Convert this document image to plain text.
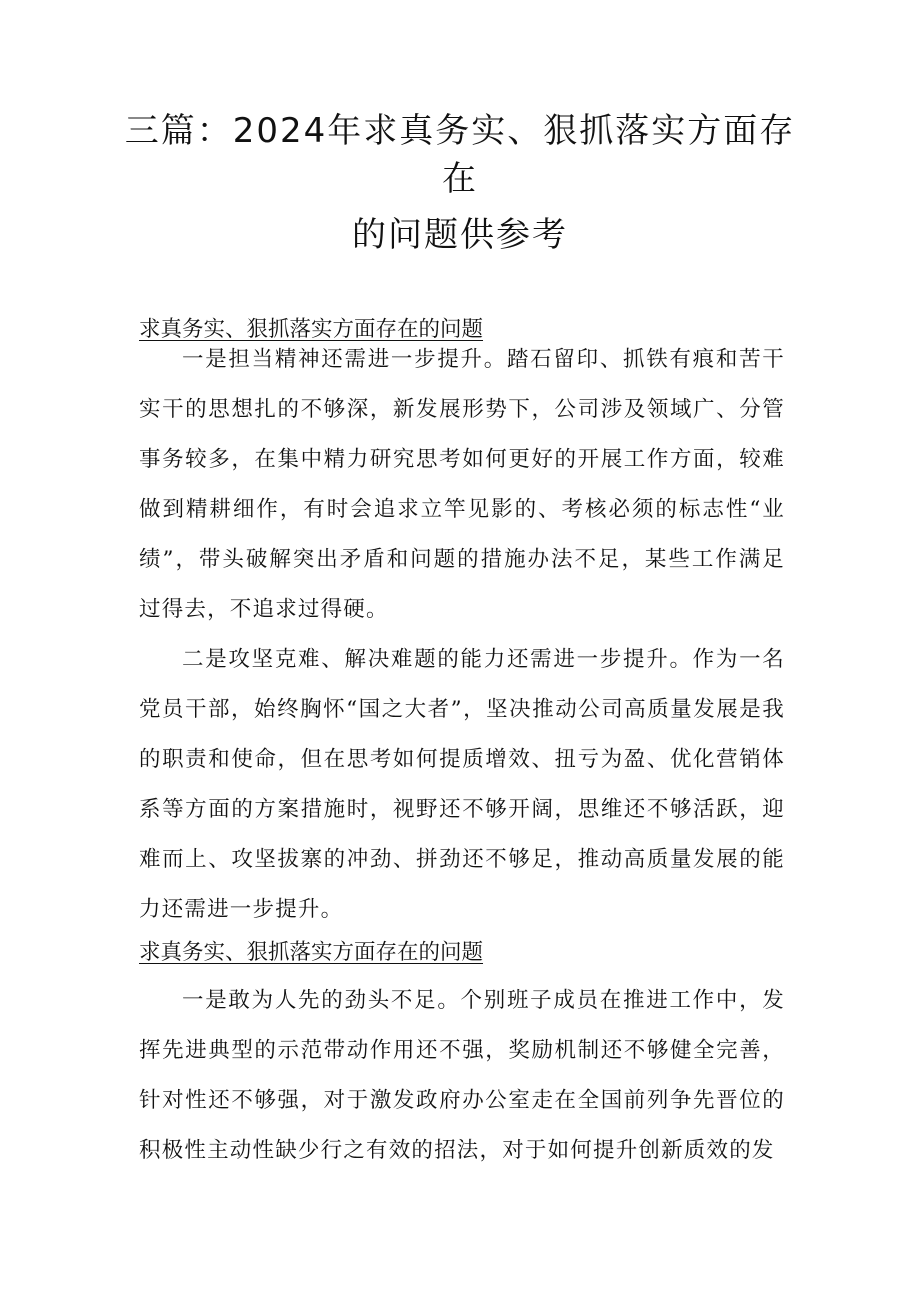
三篇：2024年求真务实、狠抓落实方面存
在
的问题供参考
求真务实、狠抓落实方面存在的问题

一是担当精神还需进一步提升。踏石留印、抓铁有痕和苦干实干的思想扎的不够深，新发展形势下，公司涉及领域广、分管事务较多，在集中精力研究思考如何更好的开展工作方面，较难做到精耕细作，有时会追求立竿见影的、考核必须的标志性“业绩”，带头破解突出矛盾和问题的措施办法不足，某些工作满足过得去，不追求过得硬。

二是攻坚克难、解决难题的能力还需进一步提升。作为一名党员干部，始终胸怀“国之大者”，坚决推动公司高质量发展是我的职责和使命，但在思考如何提质增效、扭亏为盈、优化营销体系等方面的方案措施时，视野还不够开阔，思维还不够活跃，迎难而上、攻坚拔寨的冲劲、拼劲还不够足，推动高质量发展的能力还需进一步提升。

求真务实、狠抓落实方面存在的问题

一是敢为人先的劲头不足。个别班子成员在推进工作中，发挥先进典型的示范带动作用还不强，奖励机制还不够健全完善，针对性还不够强，对于激发政府办公室走在全国前列争先晋位的积极性主动性缺少行之有效的招法，对于如何提升创新质效的发
